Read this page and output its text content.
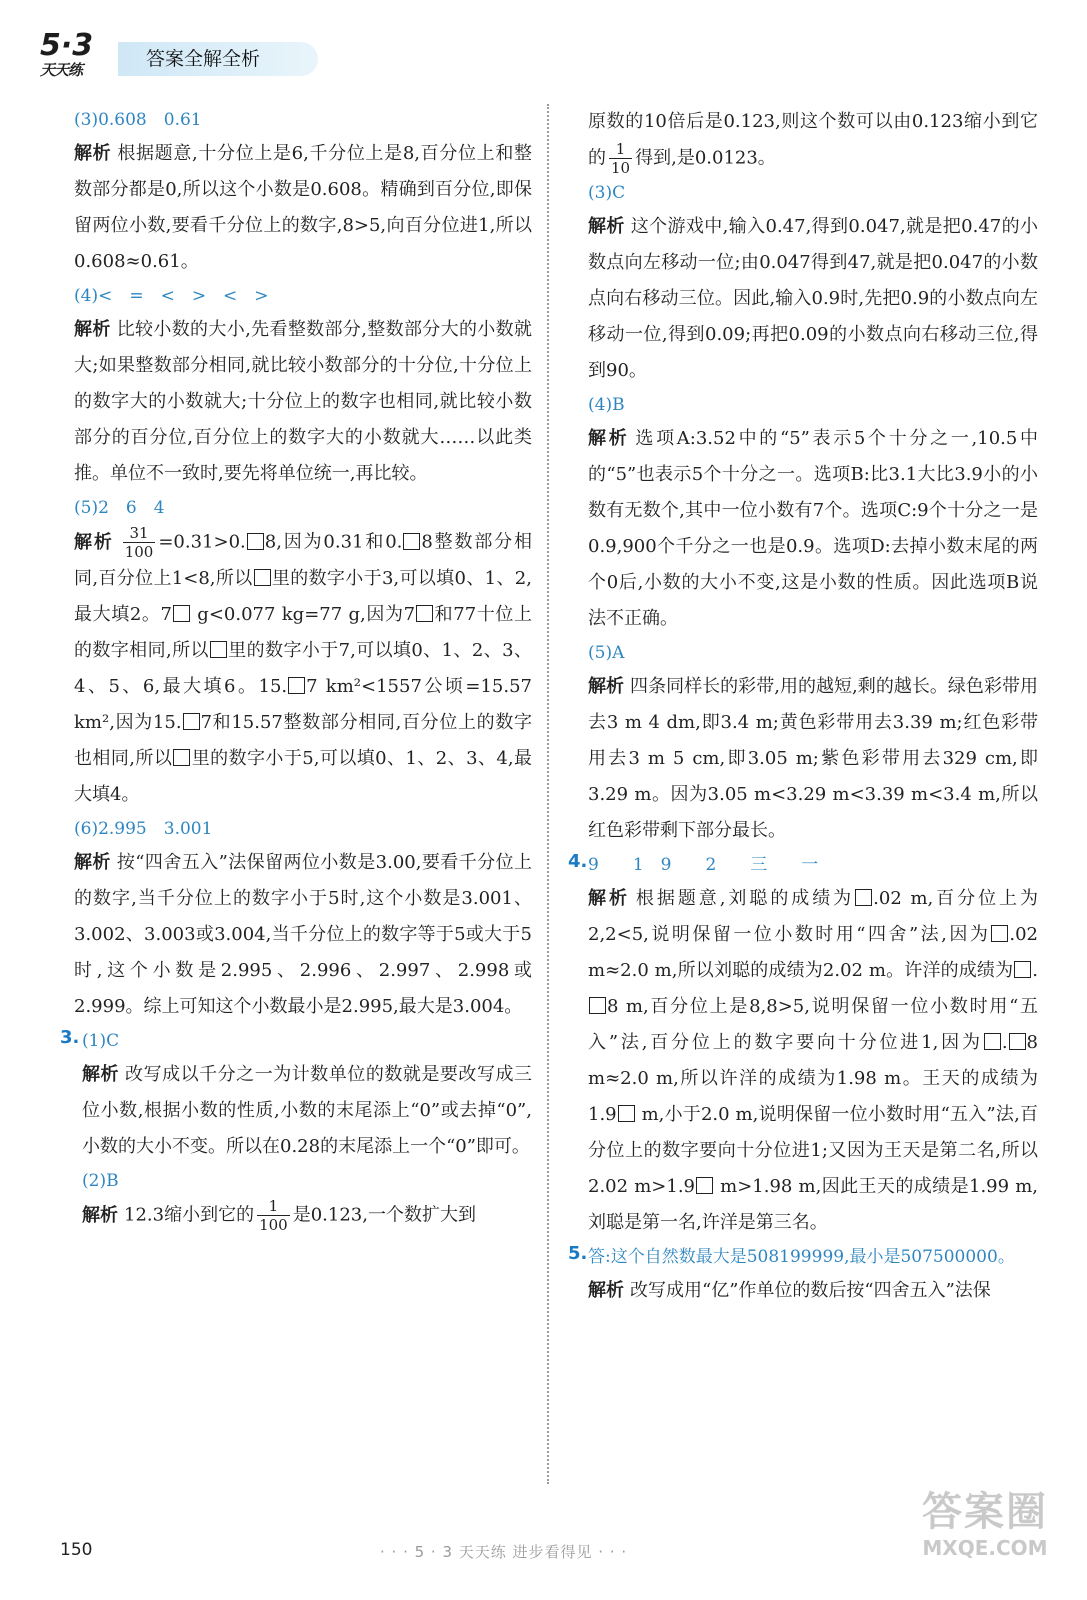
5·3
天天练	答案全解全析

(3)0.608　0.61

解析 根据题意,十分位上是6,千分位上是8,百分位上和整数部分都是0,所以这个小数是0.608。精确到百分位,即保留两位小数,要看千分位上的数字,8>5,向百分位进1,所以0.608≈0.61。

(4)<　=　<　>　<　>

解析 比较小数的大小,先看整数部分,整数部分大的小数就大;如果整数部分相同,就比较小数部分的十分位,十分位上的数字大的小数就大;十分位上的数字也相同,就比较小数部分的百分位,百分位上的数字大的小数就大……以此类推。单位不一致时,要先将单位统一,再比较。

(5)2　6　4

解析 $\frac{31}{100} =0.31>0$. 8,因为0.31和0. 8整数部分相同,百分位上1<8,所以 里的数字小于3,可以填0、1、2,最大填2。7 g<0.077 kg=77 g,因为7 和77十位上的数字相同,所以 里的数字小于7,可以填0、1、2、3、4、5、6,最大填6。15. 7 km²<1557公顷=15.57 km²,因为15. 7和15.57整数部分相同,百分位上的数字也相同,所以 里的数字小于5,可以填0、1、2、3、4,最大填4。

(6)2.995　3.001

解析 按“四舍五入”法保留两位小数是3.00,要看千分位上的数字,当千分位上的数字小于5时,这个小数是3.001、3.002、3.003或3.004,当千分位上的数字等于5或大于5时,这个小数是2.995、2.996、2.997、2.998或2.999。综上可知这个小数最小是2.995,最大是3.004。

3. (1)C

解析 改写成以千分之一为计数单位的数就是要改写成三位小数,根据小数的性质,小数的末尾添上“0”或去掉“0”,小数的大小不变。所以在0.28的末尾添上一个“0”即可。

(2)B

解析 12.3缩小到它的 $\frac{1}{100}$ 是0.123,一个数扩大到

原数的10倍后是0.123,则这个数可以由0.123缩小到它的 $\frac{1}{10}$ 得到,是0.0123。

(3)C

解析 这个游戏中,输入0.47,得到0.047,就是把0.47的小数点向左移动一位;由0.047得到47,就是把0.047的小数点向右移动三位。因此,输入0.9时,先把0.9的小数点向左移动一位,得到0.09;再把0.09的小数点向右移动三位,得到90。

(4)B

解析 选项A:3.52中的“5”表示5个十分之一,10.5中的“5”也表示5个十分之一。选项B:比3.1大比3.9小的小数有无数个,其中一位小数有7个。选项C:9个十分之一是0.9,900个千分之一也是0.9。选项D:去掉小数末尾的两个0后,小数的大小不变,这是小数的性质。因此选项B说法不正确。

(5)A

解析 四条同样长的彩带,用的越短,剩的越长。绿色彩带用去3 m 4 dm,即3.4 m;黄色彩带用去3.39 m;红色彩带用去3 m 5 cm,即3.05 m;紫色彩带用去329 cm,即3.29 m。因为3.05 m<3.29 m<3.39 m<3.4 m,所以红色彩带剩下部分最长。

4. 9　　1　9　　2　　三　　一

解析 根据题意,刘聪的成绩为 .02 m,百分位上为2,2<5,说明保留一位小数时用“四舍”法,因为 .02 m≈2.0 m,所以刘聪的成绩为2.02 m。许洋的成绩为 .8 m,百分位上是8,8>5,说明保留一位小数时用“五入”法,百分位上的数字要向十分位进1,因为 . 8 m≈2.0 m,所以许洋的成绩为1.98 m。王天的成绩为1.9 m,小于2.0 m,说明保留一位小数时用“五入”法,百分位上的数字要向十分位进1;又因为王天是第二名,所以2.02 m>1.9 m>1.98 m,因此王天的成绩是1.99 m,刘聪是第一名,许洋是第三名。

5. 答:这个自然数最大是508199999,最小是507500000。

解析 改写成用“亿”作单位的数后按“四舍五入”法保

150	· · · 5 · 3 天天练 进步看得见 · · ·
答案圈
MXQE.COM
